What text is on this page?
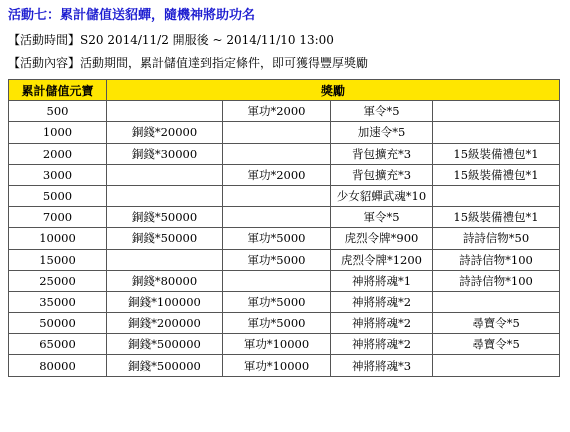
活動七：累計儲值送貂蟬，隨機神將助功名
【活動時間】S20 2014/11/2 開服後 ~ 2014/11/10 13:00
【活動內容】活動期間，累計儲值達到指定條件，即可獲得豐厚獎勵
累計儲值元寶	獎勵			
500		軍功*2000	軍令*5	
1000	銅錢*20000		加速令*5	
2000	銅錢*30000		背包擴充*3	15級裝備禮包*1
3000		軍功*2000	背包擴充*3	15級裝備禮包*1
5000			少女貂蟬武魂*10	
7000	銅錢*50000		軍令*5	15級裝備禮包*1
10000	銅錢*50000	軍功*5000	虎烈令牌*900	詩詩信物*50
15000		軍功*5000	虎烈令牌*1200	詩詩信物*100
25000	銅錢*80000		神將將魂*1	詩詩信物*100
35000	銅錢*100000	軍功*5000	神將將魂*2	
50000	銅錢*200000	軍功*5000	神將將魂*2	尋寶令*5
65000	銅錢*500000	軍功*10000	神將將魂*2	尋寶令*5
80000	銅錢*500000	軍功*10000	神將將魂*3	
